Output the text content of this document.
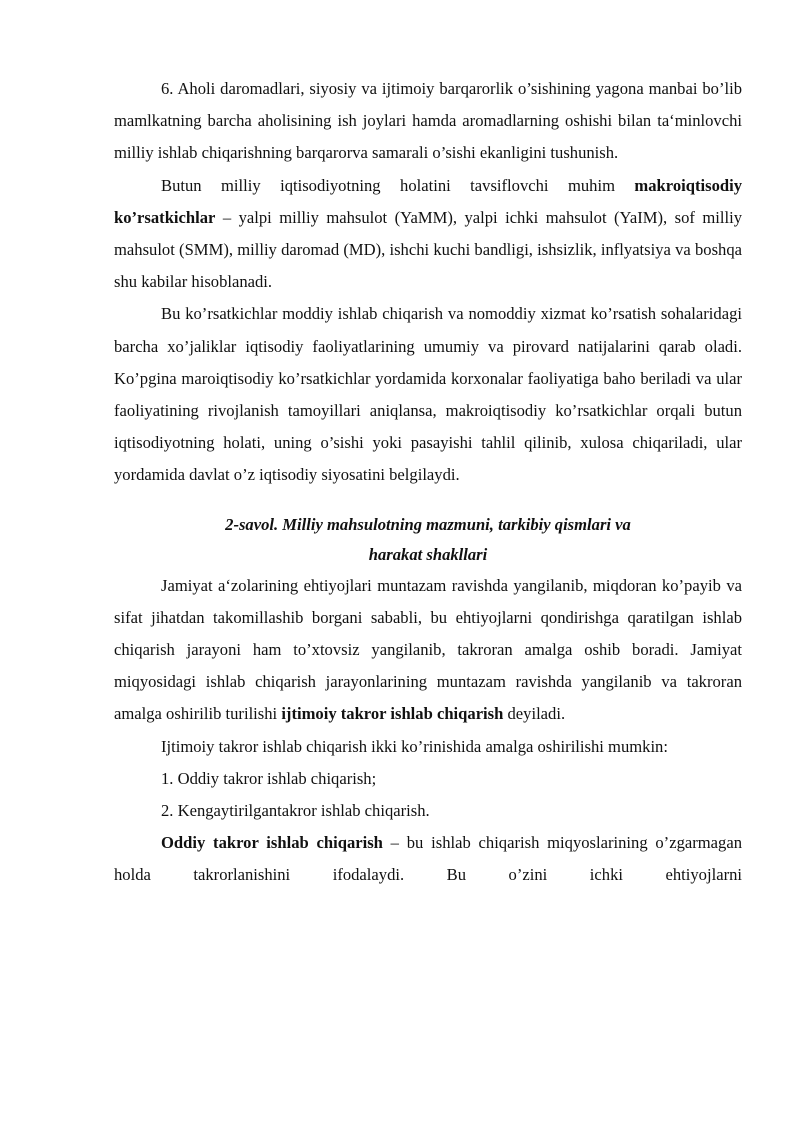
6. Aholi daromadlari, siyosiy va ijtimoiy barqarorlik o’sishining yagona manbai bo’lib mamlkatning barcha aholisining ish joylari hamda aromadlarning oshishi bilan ta‘minlovchi milliy ishlab chiqarishning barqarorva samarali o’sishi ekanligini tushunish.

Butun milliy iqtisodiyotning holatini tavsiflovchi muhim makroiqtisodiy ko’rsatkichlar – yalpi milliy mahsulot (YaMM), yalpi ichki mahsulot (YaIM), sof milliy mahsulot (SMM), milliy daromad (MD), ishchi kuchi bandligi, ishsizlik, inflyatsiya va boshqa shu kabilar hisoblanadi.

Bu ko’rsatkichlar moddiy ishlab chiqarish va nomoddiy xizmat ko’rsatish sohalaridagi barcha xo’jaliklar iqtisodiy faoliyatlarining umumiy va pirovard natijalarini qarab oladi. Ko’pgina maroiqtisodiy ko’rsatkichlar yordamida korxonalar faoliyatiga baho beriladi va ular faoliyatining rivojlanish tamoyillari aniqlansa, makroiqtisodiy ko’rsatkichlar orqali butun iqtisodiyotning holati, uning o’sishi yoki pasayishi tahlil qilinib, xulosa chiqariladi, ular yordamida davlat o’z iqtisodiy siyosatini belgilaydi.

2-savol. Milliy mahsulotning mazmuni, tarkibiy qismlari va
harakat shakllari

Jamiyat a‘zolarining ehtiyojlari muntazam ravishda yangilanib, miqdoran ko’payib va sifat jihatdan takomillashib borgani sababli, bu ehtiyojlarni qondirishga qaratilgan ishlab chiqarish jarayoni ham to’xtovsiz yangilanib, takroran amalga oshib boradi. Jamiyat miqyosidagi ishlab chiqarish jarayonlarining muntazam ravishda yangilanib va takroran amalga oshirilib turilishi ijtimoiy takror ishlab chiqarish deyiladi.

Ijtimoiy takror ishlab chiqarish ikki ko’rinishida amalga oshirilishi mumkin:

1. Oddiy takror ishlab chiqarish;

2. Kengaytirilgantakror ishlab chiqarish.

Oddiy takror ishlab chiqarish – bu ishlab chiqarish miqyoslarining o’zgarmagan holda takrorlanishini ifodalaydi. Bu o’zini ichki ehtiyojlarni
